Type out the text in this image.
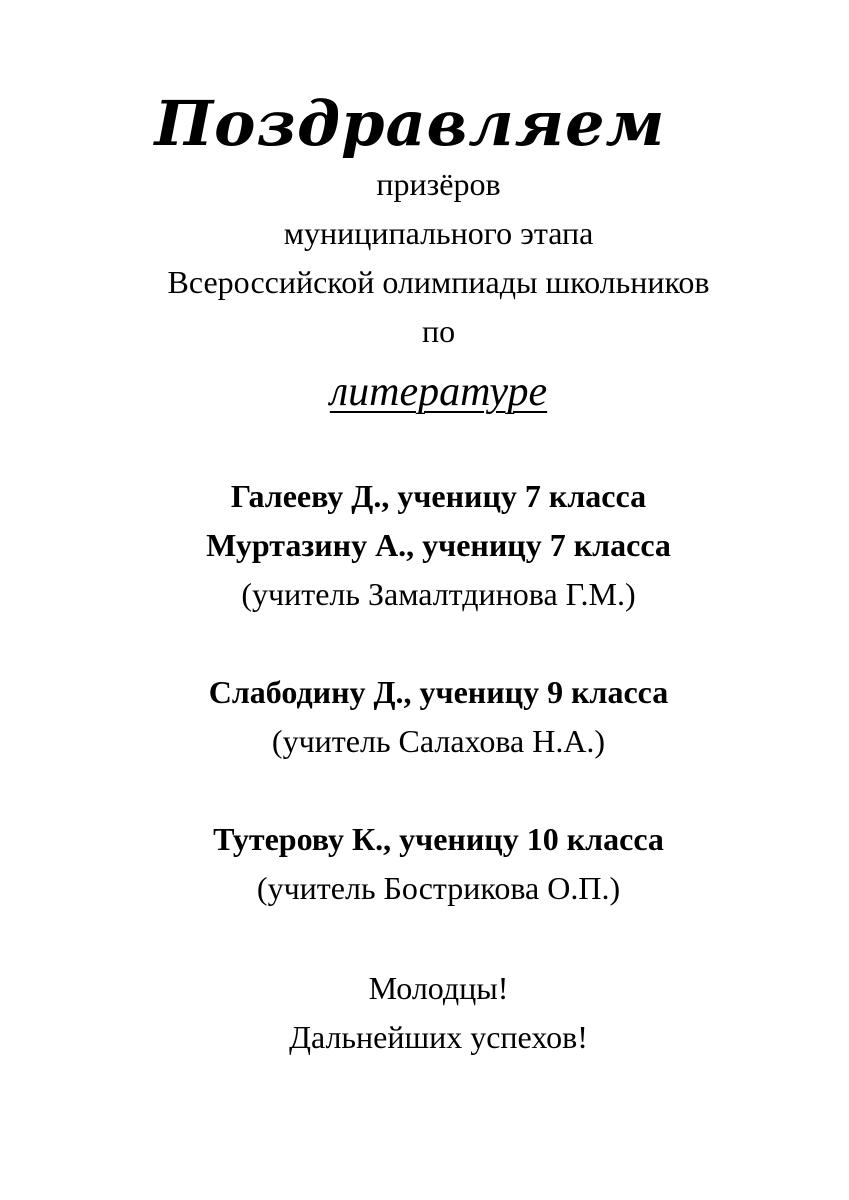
Поздравляем
призёров
муниципального этапа
Всероссийской олимпиады школьников
по
литературе
Галееву Д., ученицу 7 класса
Муртазину А., ученицу 7 класса
(учитель Замалтдинова Г.М.)
Слабодину Д., ученицу 9 класса
(учитель Салахова Н.А.)
Тутерову К., ученицу 10 класса
(учитель Бострикова О.П.)
Молодцы!
Дальнейших успехов!
